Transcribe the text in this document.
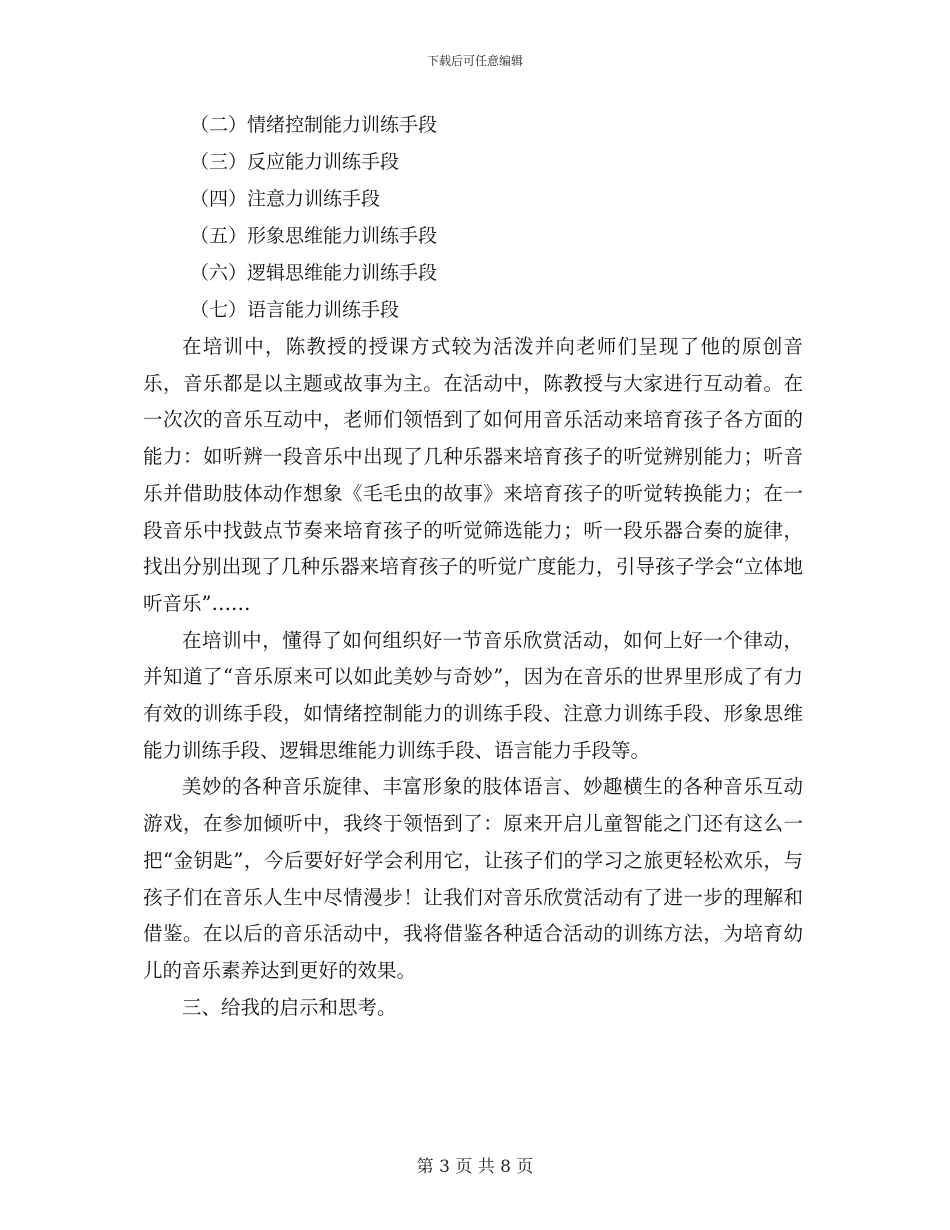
下载后可任意编辑
（二）情绪控制能力训练手段
（三）反应能力训练手段
（四）注意力训练手段
（五）形象思维能力训练手段
（六）逻辑思维能力训练手段
（七）语言能力训练手段

在培训中，陈教授的授课方式较为活泼并向老师们呈现了他的原创音乐，音乐都是以主题或故事为主。在活动中，陈教授与大家进行互动着。在一次次的音乐互动中，老师们领悟到了如何用音乐活动来培育孩子各方面的能力：如听辨一段音乐中出现了几种乐器来培育孩子的听觉辨别能力；听音乐并借助肢体动作想象《毛毛虫的故事》来培育孩子的听觉转换能力；在一段音乐中找鼓点节奏来培育孩子的听觉筛选能力；听一段乐器合奏的旋律，找出分别出现了几种乐器来培育孩子的听觉广度能力，引导孩子学会“立体地听音乐”……

在培训中，懂得了如何组织好一节音乐欣赏活动，如何上好一个律动，并知道了“音乐原来可以如此美妙与奇妙”，因为在音乐的世界里形成了有力有效的训练手段，如情绪控制能力的训练手段、注意力训练手段、形象思维能力训练手段、逻辑思维能力训练手段、语言能力手段等。

美妙的各种音乐旋律、丰富形象的肢体语言、妙趣横生的各种音乐互动游戏，在参加倾听中，我终于领悟到了：原来开启儿童智能之门还有这么一把“金钥匙”，今后要好好学会利用它，让孩子们的学习之旅更轻松欢乐，与孩子们在音乐人生中尽情漫步！让我们对音乐欣赏活动有了进一步的理解和借鉴。在以后的音乐活动中，我将借鉴各种适合活动的训练方法，为培育幼儿的音乐素养达到更好的效果。

三、给我的启示和思考。

第 3 页 共 8 页
